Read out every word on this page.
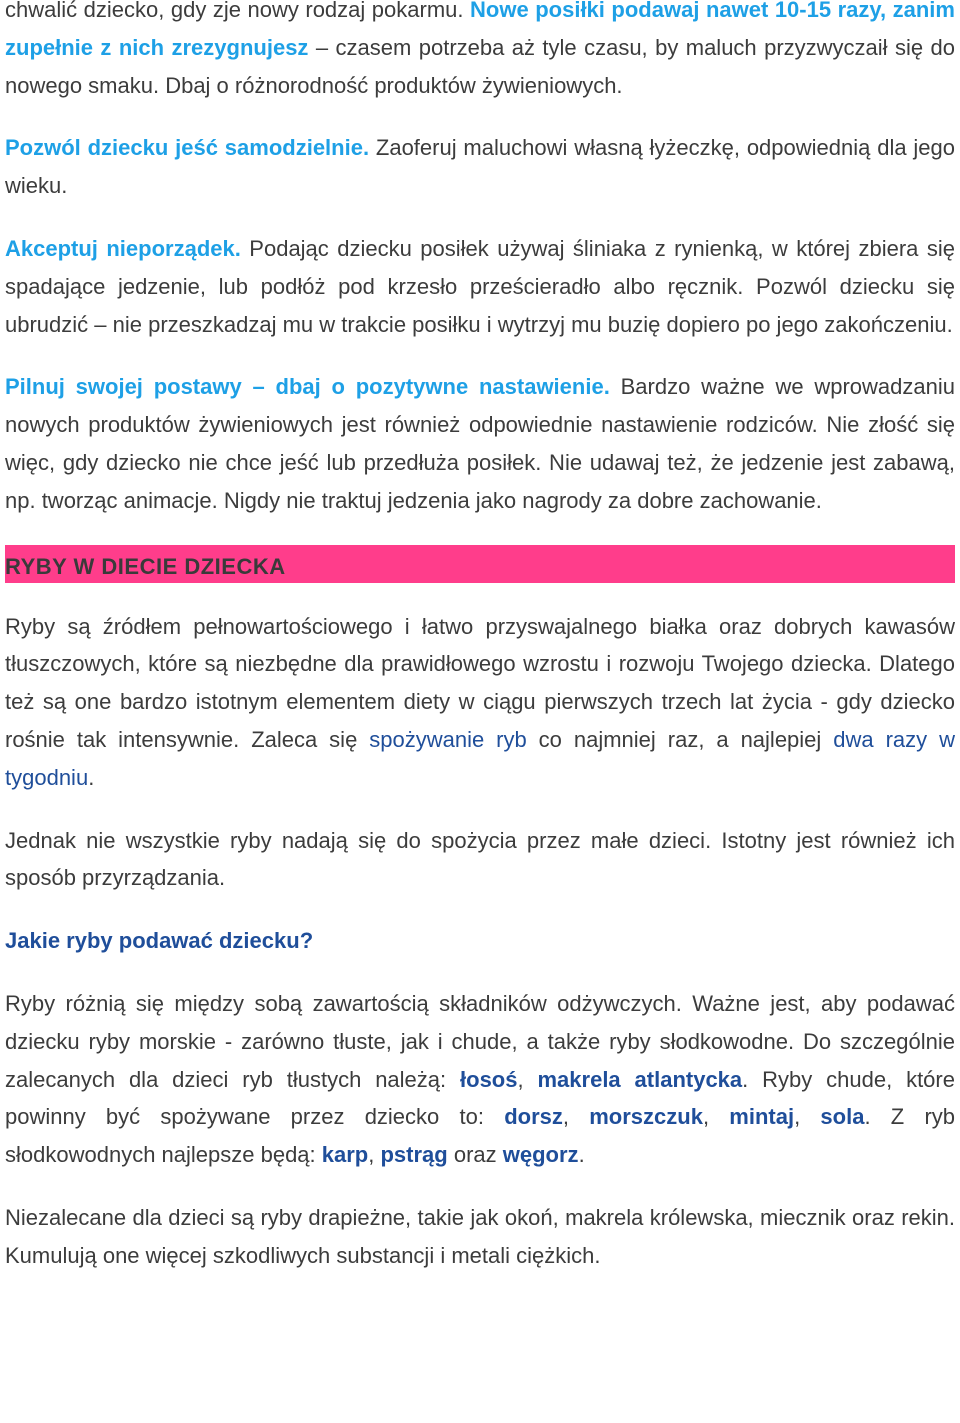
chwalić dziecko, gdy zje nowy rodzaj pokarmu. Nowe posiłki podawaj nawet 10-15 razy, zanim zupełnie z nich zrezygnujesz – czasem potrzeba aż tyle czasu, by maluch przyzwyczaił się do nowego smaku. Dbaj o różnorodność produktów żywieniowych.

Pozwól dziecku jeść samodzielnie. Zaoferuj maluchowi własną łyżeczkę, odpowiednią dla jego wieku.

Akceptuj nieporządek. Podając dziecku posiłek używaj śliniaka z rynienką, w której zbiera się spadające jedzenie, lub podłóż pod krzesło prześcieradło albo ręcznik. Pozwól dziecku się ubrudzić – nie przeszkadzaj mu w trakcie posiłku i wytrzyj mu buzię dopiero po jego zakończeniu.

Pilnuj swojej postawy – dbaj o pozytywne nastawienie. Bardzo ważne we wprowadzaniu nowych produktów żywieniowych jest również odpowiednie nastawienie rodziców. Nie złość się więc, gdy dziecko nie chce jeść lub przedłuża posiłek. Nie udawaj też, że jedzenie jest zabawą, np. tworząc animacje. Nigdy nie traktuj jedzenia jako nagrody za dobre zachowanie.

RYBY W DIECIE DZIECKA

Ryby są źródłem pełnowartościowego i łatwo przyswajalnego białka oraz dobrych kawasów tłuszczowych, które są niezbędne dla prawidłowego wzrostu i rozwoju Twojego dziecka. Dlatego też są one bardzo istotnym elementem diety w ciągu pierwszych trzech lat życia - gdy dziecko rośnie tak intensywnie. Zaleca się spożywanie ryb co najmniej raz, a najlepiej dwa razy w tygodniu.

Jednak nie wszystkie ryby nadają się do spożycia przez małe dzieci. Istotny jest również ich sposób przyrządzania.

Jakie ryby podawać dziecku?

Ryby różnią się między sobą zawartością składników odżywczych. Ważne jest, aby podawać dziecku ryby morskie - zarówno tłuste, jak i chude, a także ryby słodkowodne. Do szczególnie zalecanych dla dzieci ryb tłustych należą: łosoś, makrela atlantycka. Ryby chude, które powinny być spożywane przez dziecko to: dorsz, morszczuk, mintaj, sola. Z ryb słodkowodnych najlepsze będą: karp, pstrąg oraz węgorz.

Niezalecane dla dzieci są ryby drapieżne, takie jak okoń, makrela królewska, miecznik oraz rekin. Kumulują one więcej szkodliwych substancji i metali ciężkich.
